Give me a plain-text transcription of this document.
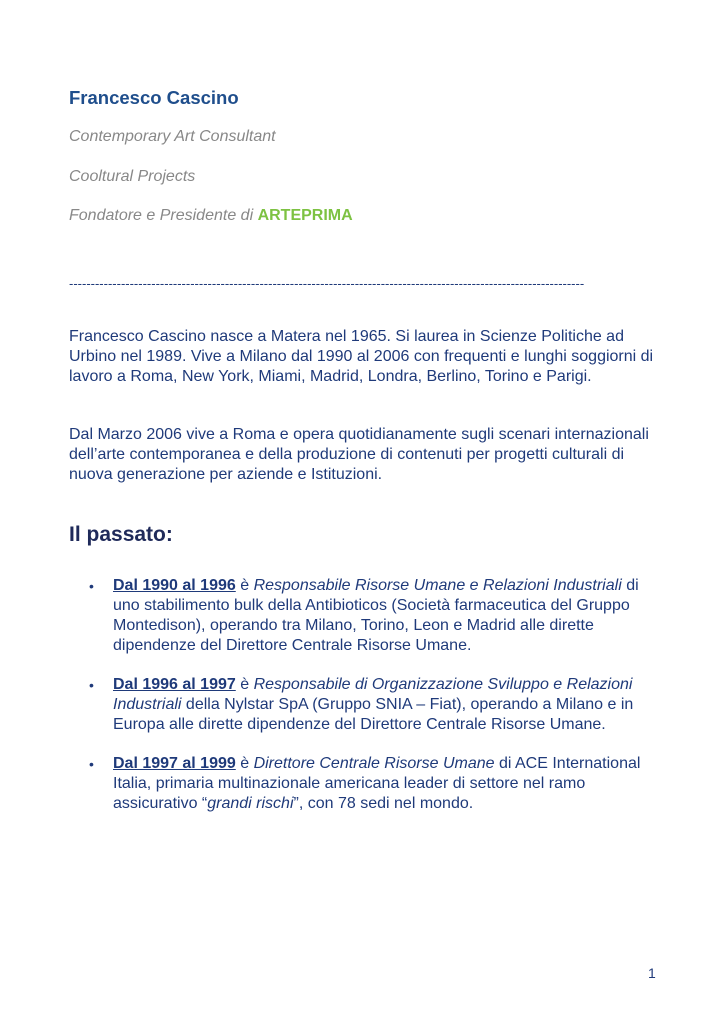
Francesco Cascino
Contemporary Art Consultant
Cooltural Projects
Fondatore e Presidente di ARTEPRIMA
-----------------------------------------------------------------------------------------------------------------------

Francesco Cascino nasce a Matera nel 1965. Si laurea in Scienze Politiche ad Urbino nel 1989. Vive a Milano dal 1990 al 2006 con frequenti e lunghi soggiorni di lavoro a Roma, New York, Miami, Madrid, Londra, Berlino, Torino e Parigi.

Dal Marzo 2006 vive a Roma e opera quotidianamente sugli scenari internazionali dell’arte contemporanea e della produzione di contenuti per progetti culturali di nuova generazione per aziende e Istituzioni.

Il passato:
• Dal 1990 al 1996 è Responsabile Risorse Umane e Relazioni Industriali di uno stabilimento bulk della Antibioticos (Società farmaceutica del Gruppo Montedison), operando tra Milano, Torino, Leon e Madrid alle dirette dipendenze del Direttore Centrale Risorse Umane.
• Dal 1996 al 1997 è Responsabile di Organizzazione Sviluppo e Relazioni Industriali della Nylstar SpA (Gruppo SNIA – Fiat), operando a Milano e in Europa alle dirette dipendenze del Direttore Centrale Risorse Umane.
• Dal 1997 al 1999 è Direttore Centrale Risorse Umane di ACE International Italia, primaria multinazionale americana leader di settore nel ramo assicurativo “grandi rischi”, con 78 sedi nel mondo.
1
